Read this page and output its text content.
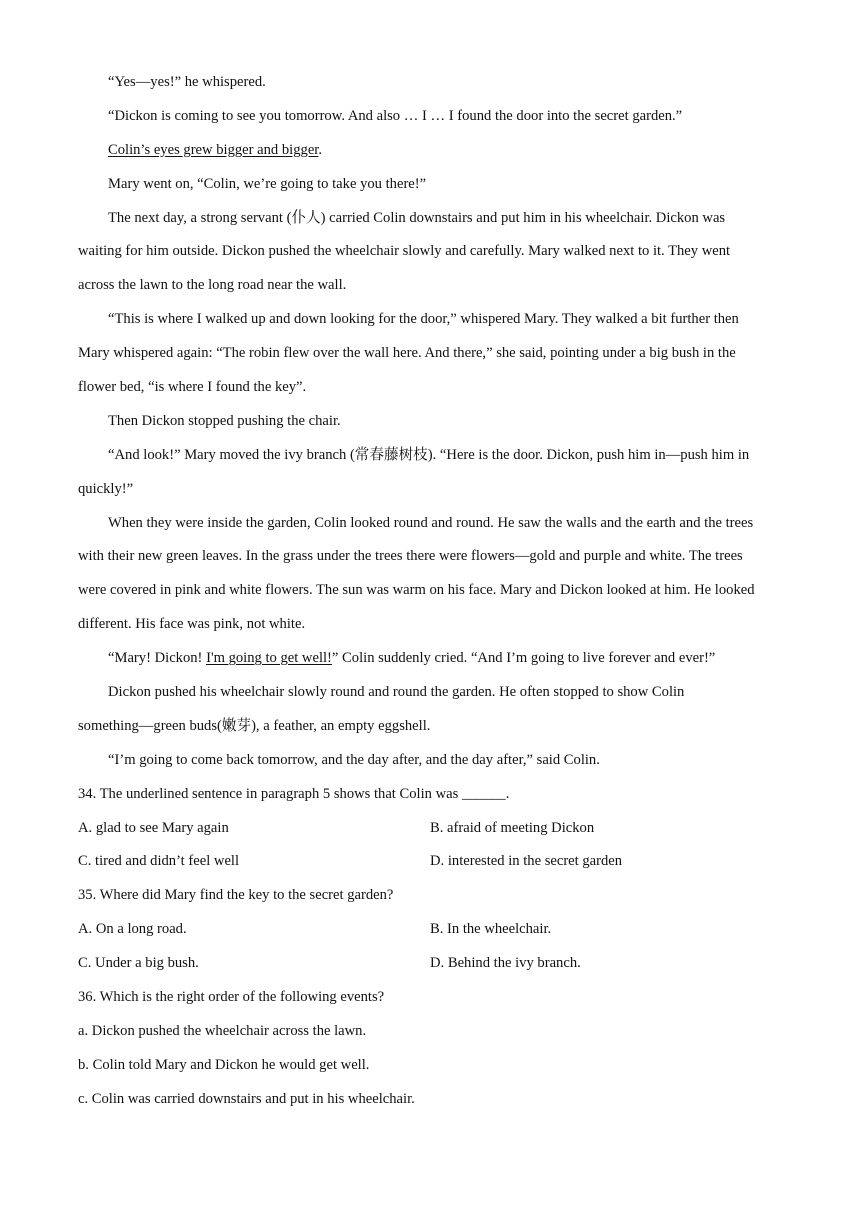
“Yes—yes!” he whispered.
“Dickon is coming to see you tomorrow. And also … I … I found the door into the secret garden.”
Colin’s eyes grew bigger and bigger.
Mary went on, “Colin, we’re going to take you there!”
The next day, a strong servant (仆人) carried Colin downstairs and put him in his wheelchair. Dickon was
waiting for him outside. Dickon pushed the wheelchair slowly and carefully. Mary walked next to it. They went
across the lawn to the long road near the wall.
“This is where I walked up and down looking for the door,” whispered Mary. They walked a bit further then
Mary whispered again: “The robin flew over the wall here. And there,” she said, pointing under a big bush in the
flower bed, “is where I found the key”.
Then Dickon stopped pushing the chair.
“And look!” Mary moved the ivy branch (常春藤树枝). “Here is the door. Dickon, push him in—push him in
quickly!”
When they were inside the garden, Colin looked round and round. He saw the walls and the earth and the trees
with their new green leaves. In the grass under the trees there were flowers—gold and purple and white. The trees
were covered in pink and white flowers. The sun was warm on his face. Mary and Dickon looked at him. He looked
different. His face was pink, not white.
“Mary! Dickon! I'm going to get well!” Colin suddenly cried. “And I’m going to live forever and ever!”
Dickon pushed his wheelchair slowly round and round the garden. He often stopped to show Colin
something—green buds(嫩芽), a feather, an empty eggshell.
“I’m going to come back tomorrow, and the day after, and the day after,” said Colin.
34. The underlined sentence in paragraph 5 shows that Colin was ______.
A. glad to see Mary again	B. afraid of meeting Dickon
C. tired and didn’t feel well	D. interested in the secret garden
35. Where did Mary find the key to the secret garden?
A. On a long road.	B. In the wheelchair.
C. Under a big bush.	D. Behind the ivy branch.
36. Which is the right order of the following events?
a. Dickon pushed the wheelchair across the lawn.
b. Colin told Mary and Dickon he would get well.
c. Colin was carried downstairs and put in his wheelchair.
